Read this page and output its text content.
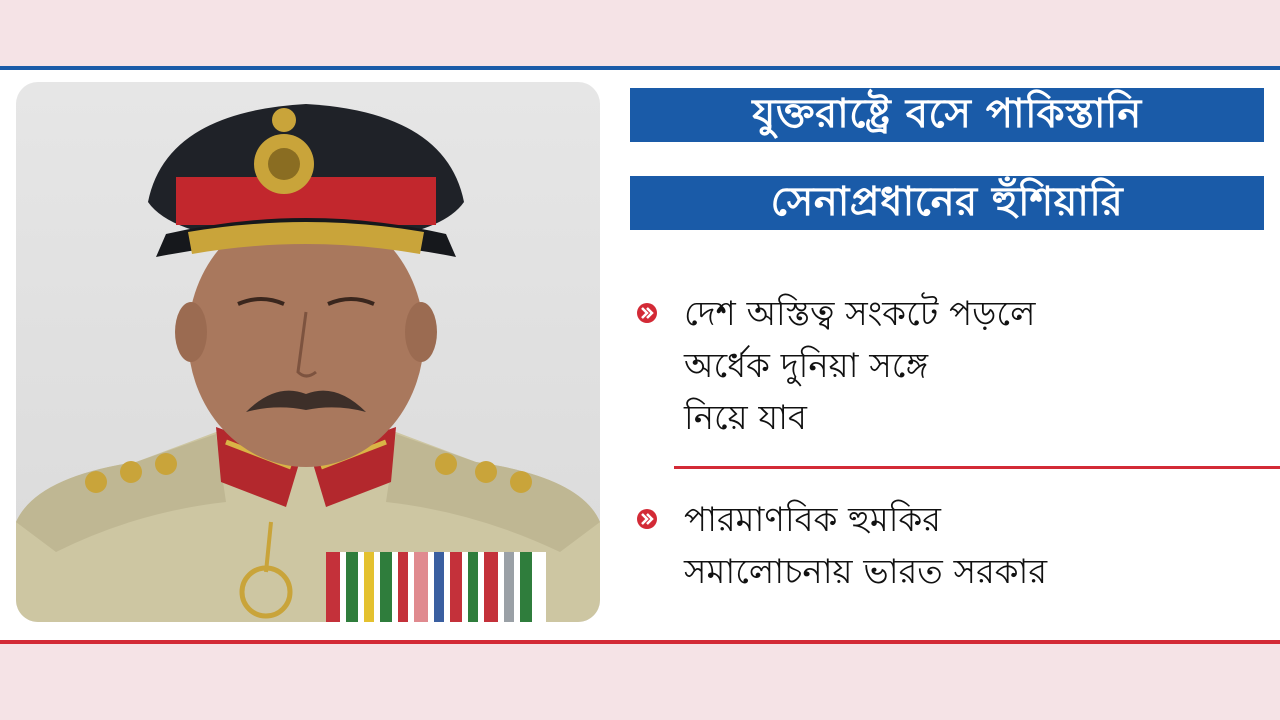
যুক্তরাষ্ট্রে বসে পাকিস্তানি
সেনাপ্রধানের হুঁশিয়ারি
দেশ অস্তিত্ব সংকটে পড়লে
অর্ধেক দুনিয়া সঙ্গে
নিয়ে যাব
পারমাণবিক হুমকির
সমালোচনায় ভারত সরকার
